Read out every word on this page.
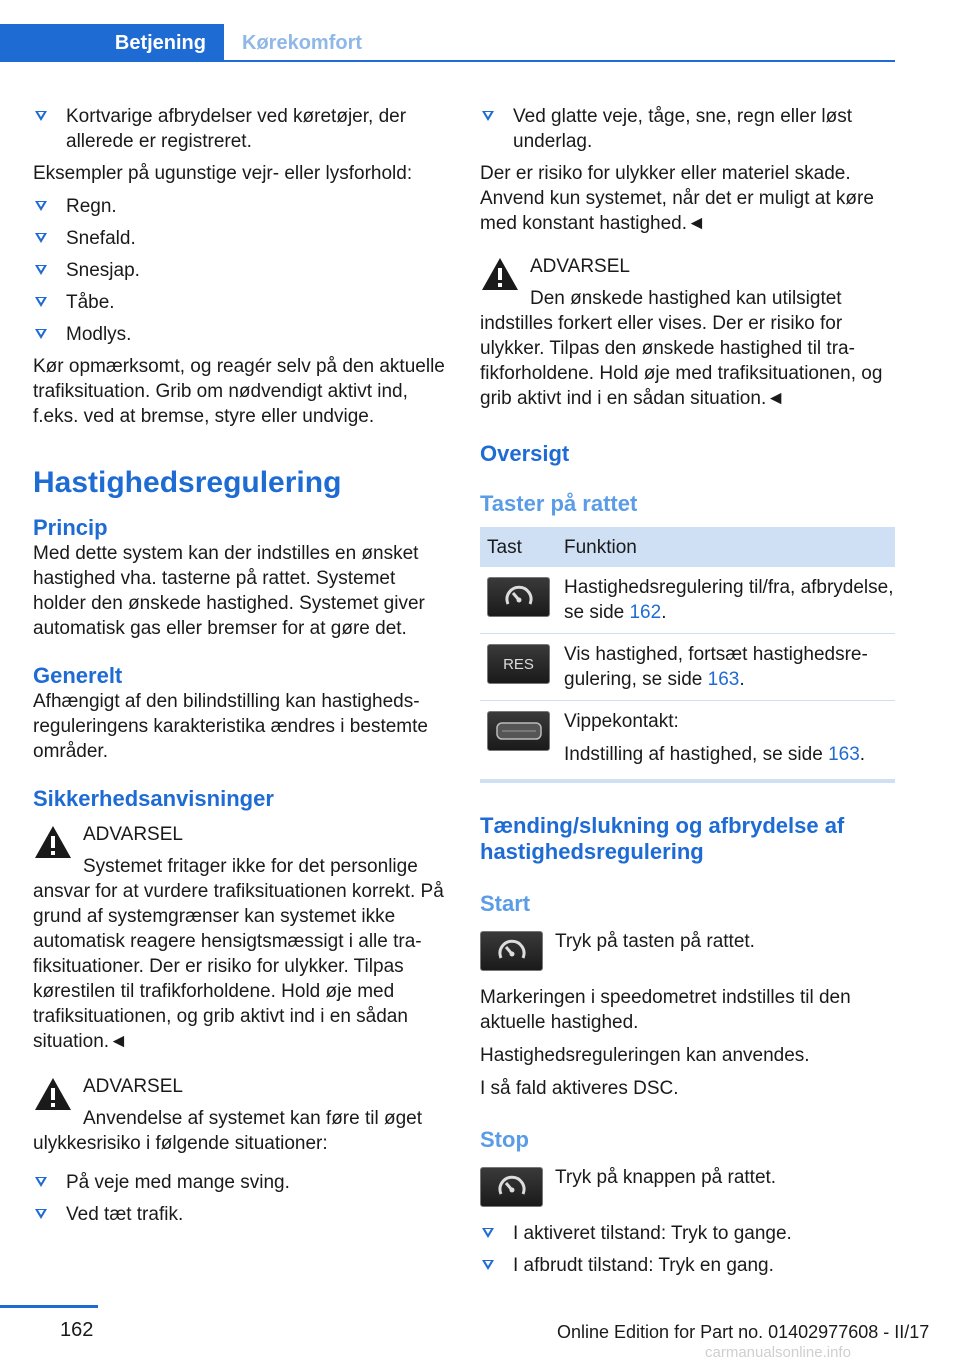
Betjening	Kørekomfort
Kortvarige afbrydelser ved køretøjer, der allerede er registreret.

Eksempler på ugunstige vejr- eller lysforhold:

Regn.
Snefald.
Snesjap.
Tåbe.
Modlys.

Kør opmærksomt, og reagér selv på den aktuelle trafiksituation. Grib om nødvendigt aktivt ind, f.eks. ved at bremse, styre eller undvige.

Hastighedsregulering
Princip

Med dette system kan der indstilles en ønsket hastighed vha. tasterne på rattet. Systemet holder den ønskede hastighed. Systemet giver automatisk gas eller bremser for at gøre det.

Generelt

Afhængigt af den bilindstilling kan hastighedsreguleringens karakteristika ændres i bestemte områder.

Sikkerhedsanvisninger
ADVARSEL
Systemet fritager ikke for det personlige ansvar for at vurdere trafiksituationen korrekt. På grund af systemgrænser kan systemet ikke automatisk reagere hensigtsmæssigt i alle trafiksituationer. Der er risiko for ulykker. Tilpas kørestilen til trafikforholdene. Hold øje med trafiksituationen, og grib aktivt ind i en sådan situation.◄
ADVARSEL
Anvendelse af systemet kan føre til øget ulykkesrisiko i følgende situationer:
På veje med mange sving.
Ved tæt trafik.
Ved glatte veje, tåge, sne, regn eller løst underlag.

Der er risiko for ulykker eller materiel skade. Anvend kun systemet, når det er muligt at køre med konstant hastighed.◄

ADVARSEL
Den ønskede hastighed kan utilsigtet indstilles forkert eller vises. Der er risiko for ulykker. Tilpas den ønskede hastighed til trafikforholdene. Hold øje med trafiksituationen, og grib aktivt ind i en sådan situation.◄
Oversigt
Taster på rattet
Tast	Funktion
Hastighedsregulering til/fra, afbrydelse, se side 162.
RES	Vis hastighed, fortsæt hastighedsregulering, se side 163.

Vippekontakt:

Indstilling af hastighed, se side 163.
Tænding/slukning og afbrydelse af hastighedsregulering
Start
Tryk på tasten på rattet.

Markeringen i speedometret indstilles til den aktuelle hastighed.

Hastighedsreguleringen kan anvendes.

I så fald aktiveres DSC.

Stop
Tryk på knappen på rattet.
I aktiveret tilstand: Tryk to gange.
I afbrudt tilstand: Tryk en gang.
162	Online Edition for Part no. 01402977608 - II/17
carmanualsonline.info
